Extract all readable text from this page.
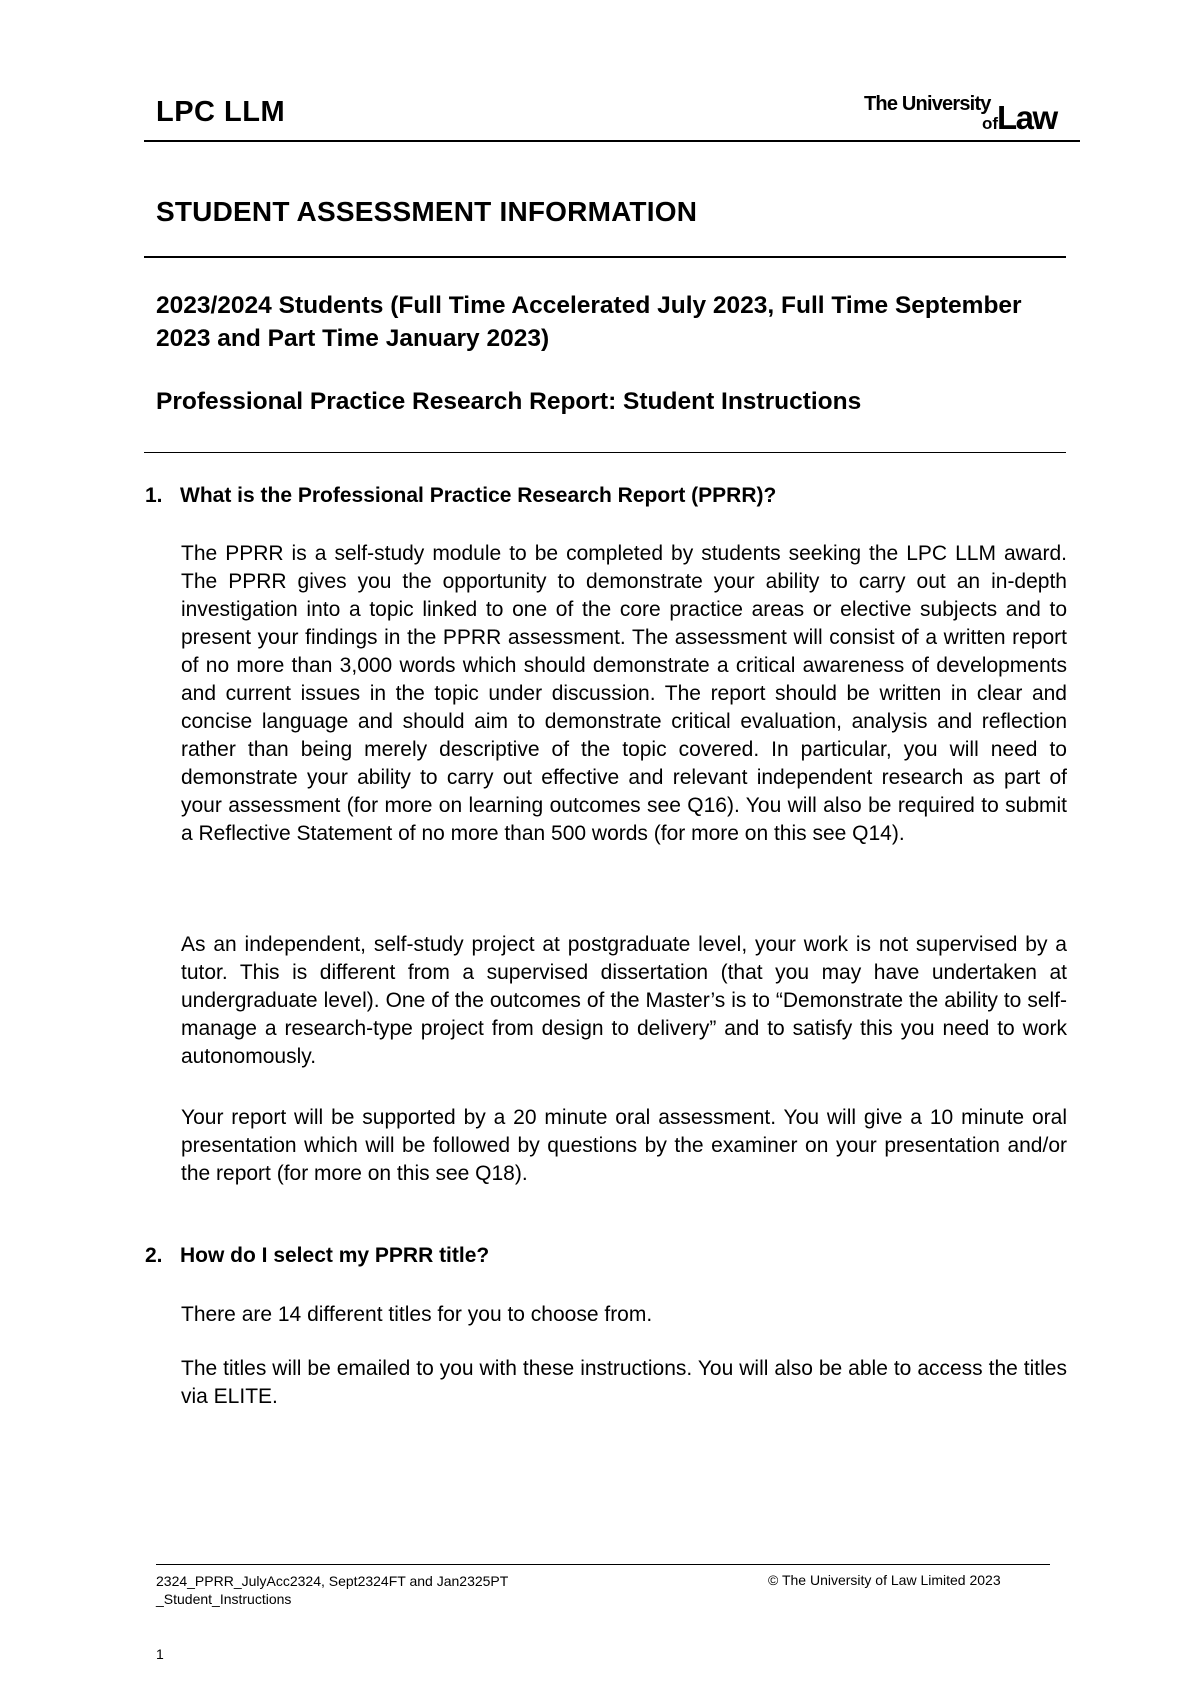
LPC LLM	The University
of
Law
STUDENT ASSESSMENT INFORMATION
2023/2024 Students (Full Time Accelerated July 2023, Full Time September 2023 and Part Time January 2023)
Professional Practice Research Report: Student Instructions
1. What is the Professional Practice Research Report (PPRR)?
The PPRR is a self-study module to be completed by students seeking the LPC LLM award. The PPRR gives you the opportunity to demonstrate your ability to carry out an in-depth investigation into a topic linked to one of the core practice areas or elective subjects and to present your findings in the PPRR assessment. The assessment will consist of a written report of no more than 3,000 words which should demonstrate a critical awareness of developments and current issues in the topic under discussion. The report should be written in clear and concise language and should aim to demonstrate critical evaluation, analysis and reflection rather than being merely descriptive of the topic covered. In particular, you will need to demonstrate your ability to carry out effective and relevant independent research as part of your assessment (for more on learning outcomes see Q16). You will also be required to submit a Reflective Statement of no more than 500 words (for more on this see Q14).
As an independent, self-study project at postgraduate level, your work is not supervised by a tutor. This is different from a supervised dissertation (that you may have undertaken at undergraduate level). One of the outcomes of the Master’s is to “Demonstrate the ability to self-manage a research-type project from design to delivery” and to satisfy this you need to work autonomously.
Your report will be supported by a 20 minute oral assessment. You will give a 10 minute oral presentation which will be followed by questions by the examiner on your presentation and/or the report (for more on this see Q18).
2. How do I select my PPRR title?
There are 14 different titles for you to choose from.
The titles will be emailed to you with these instructions. You will also be able to access the titles via ELITE.
2324_PPRR_JulyAcc2324, Sept2324FT and Jan2325PT
_Student_Instructions
© The University of Law Limited 2023
1
